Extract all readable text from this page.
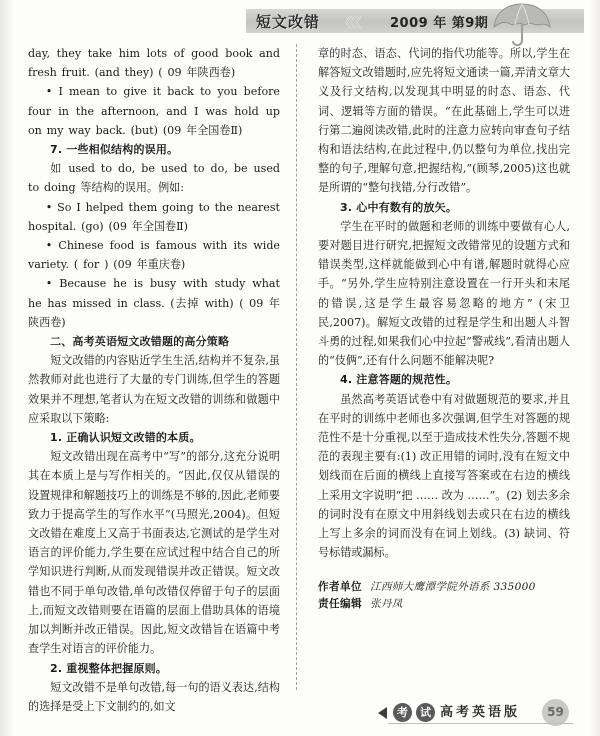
短文改错 《《《 2009 年 第9期

day, they take him lots of good book and fresh fruit. (and they) ( 09 年陕西卷)

• I mean to give it back to you before four in the afternoon, and I was hold up on my way back. (but) (09 年全国卷Ⅱ)

7. 一些相似结构的误用。

如 used to do, be used to do, be used to doing 等结构的误用。例如:

• So I helped them going to the nearest hospital. (go) (09 年全国卷Ⅱ)

• Chinese food is famous with its wide variety. ( for ) (09 年重庆卷)

• Because he is busy with study what he has missed in class. (去掉 with) ( 09 年陕西卷)

二、高考英语短文改错题的高分策略

短文改错的内容贴近学生生活,结构并不复杂,虽然教师对此也进行了大量的专门训练,但学生的答题效果并不理想,笔者认为在短文改错的训练和做题中应采取以下策略:

1. 正确认识短文改错的本质。

短文改错出现在高考中“写”的部分,这充分说明其在本质上是与写作相关的。“因此,仅仅从错误的设置规律和解题技巧上的训练是不够的,因此,老师要致力于提高学生的写作水平”(马照光,2004)。但短文改错在难度上又高于书面表达,它测试的是学生对语言的评价能力,学生要在应试过程中结合自己的所学知识进行判断,从而发现错误并改正错误。短文改错也不同于单句改错,单句改错仅停留于句子的层面上,而短文改错则要在语篇的层面上借助具体的语境加以判断并改正错误。因此,短文改错旨在语篇中考查学生对语言的评价能力。

2. 重视整体把握原则。

短文改错不是单句改错,每一句的语义表达,结构的选择是受上下文制约的,如文

章的时态、语态、代词的指代功能等。所以,学生在解答短文改错题时,应先将短文通读一篇,弄清文章大义及行文结构,以发现其中明显的时态、语态、代词、逻辑等方面的错误。“在此基础上,学生可以进行第二遍阅读改错,此时的注意力应转向审查句子结构和语法结构,在此过程中,仍以整句为单位,找出完整的句子,理解句意,把握结构,”(顾琴,2005)这也就是所谓的“整句找错,分行改错”。

3. 心中有数有的放矢。

学生在平时的做题和老师的训练中要做有心人,要对题目进行研究,把握短文改错常见的设题方式和错误类型,这样就能做到心中有谱,解题时就得心应手。“另外,学生应特别注意设置在一行开头和末尾的错误,这是学生最容易忽略的地方” (宋卫民,2007)。解短文改错的过程是学生和出题人斗智斗勇的过程,如果我们心中拉起“警戒线”,看清出题人的“伎俩”,还有什么问题不能解决呢?

4. 注意答题的规范性。

虽然高考英语试卷中有对做题规范的要求,并且在平时的训练中老师也多次强调,但学生对答题的规范性不是十分重视,以至于造成技术性失分,答题不规范的表现主要有:(1) 改正用错的词时,没有在短文中划线而在后面的横线上直接写答案或在右边的横线上采用文字说明“把 …… 改为 ……”。(2) 划去多余的词时没有在原文中用斜线划去或只在右边的横线上写上多余的词而没有在词上划线。(3) 缺词、符号标错或漏标。

作者单位 江西师大鹰潭学院外语系 335000
责任编辑 张丹凤
考	试 高考英语版	59
